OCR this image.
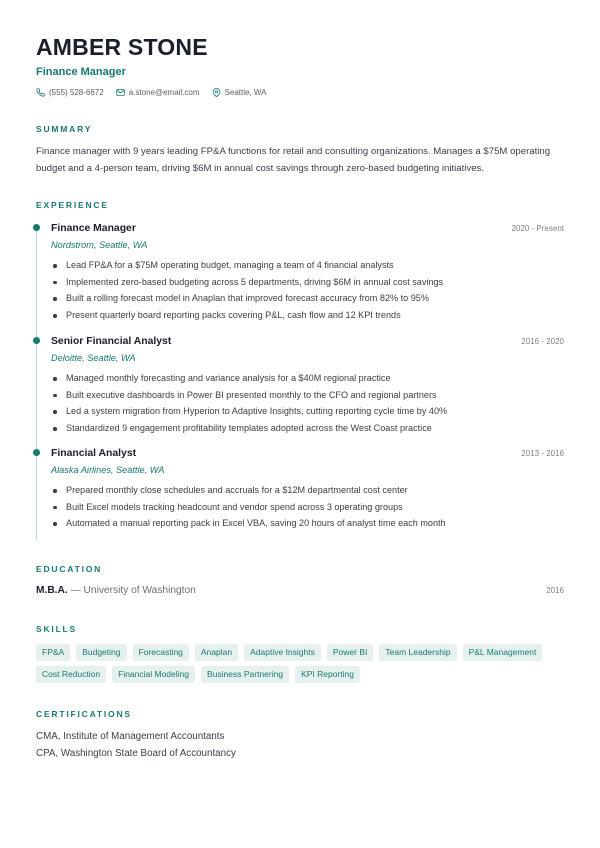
AMBER STONE
Finance Manager
(555) 528-6672	a.stone@email.com	Seattle, WA
SUMMARY
Finance manager with 9 years leading FP&A functions for retail and consulting organizations. Manages a $75M operating budget and a 4-person team, driving $6M in annual cost savings through zero-based budgeting initiatives.
EXPERIENCE
Finance Manager	2020 - Present
Nordstrom, Seattle, WA
Lead FP&A for a $75M operating budget, managing a team of 4 financial analysts
Implemented zero-based budgeting across 5 departments, driving $6M in annual cost savings
Built a rolling forecast model in Anaplan that improved forecast accuracy from 82% to 95%
Present quarterly board reporting packs covering P&L, cash flow and 12 KPI trends
Senior Financial Analyst	2016 - 2020
Deloitte, Seattle, WA
Managed monthly forecasting and variance analysis for a $40M regional practice
Built executive dashboards in Power BI presented monthly to the CFO and regional partners
Led a system migration from Hyperion to Adaptive Insights, cutting reporting cycle time by 40%
Standardized 9 engagement profitability templates adopted across the West Coast practice
Financial Analyst	2013 - 2016
Alaska Airlines, Seattle, WA
Prepared monthly close schedules and accruals for a $12M departmental cost center
Built Excel models tracking headcount and vendor spend across 3 operating groups
Automated a manual reporting pack in Excel VBA, saving 20 hours of analyst time each month
EDUCATION
M.B.A. — University of Washington	2016
SKILLS
FP&A	Budgeting	Forecasting	Anaplan	Adaptive Insights	Power BI	Team Leadership	P&L Management
Cost Reduction	Financial Modeling	Business Partnering	KPI Reporting
CERTIFICATIONS
CMA, Institute of Management Accountants
CPA, Washington State Board of Accountancy
